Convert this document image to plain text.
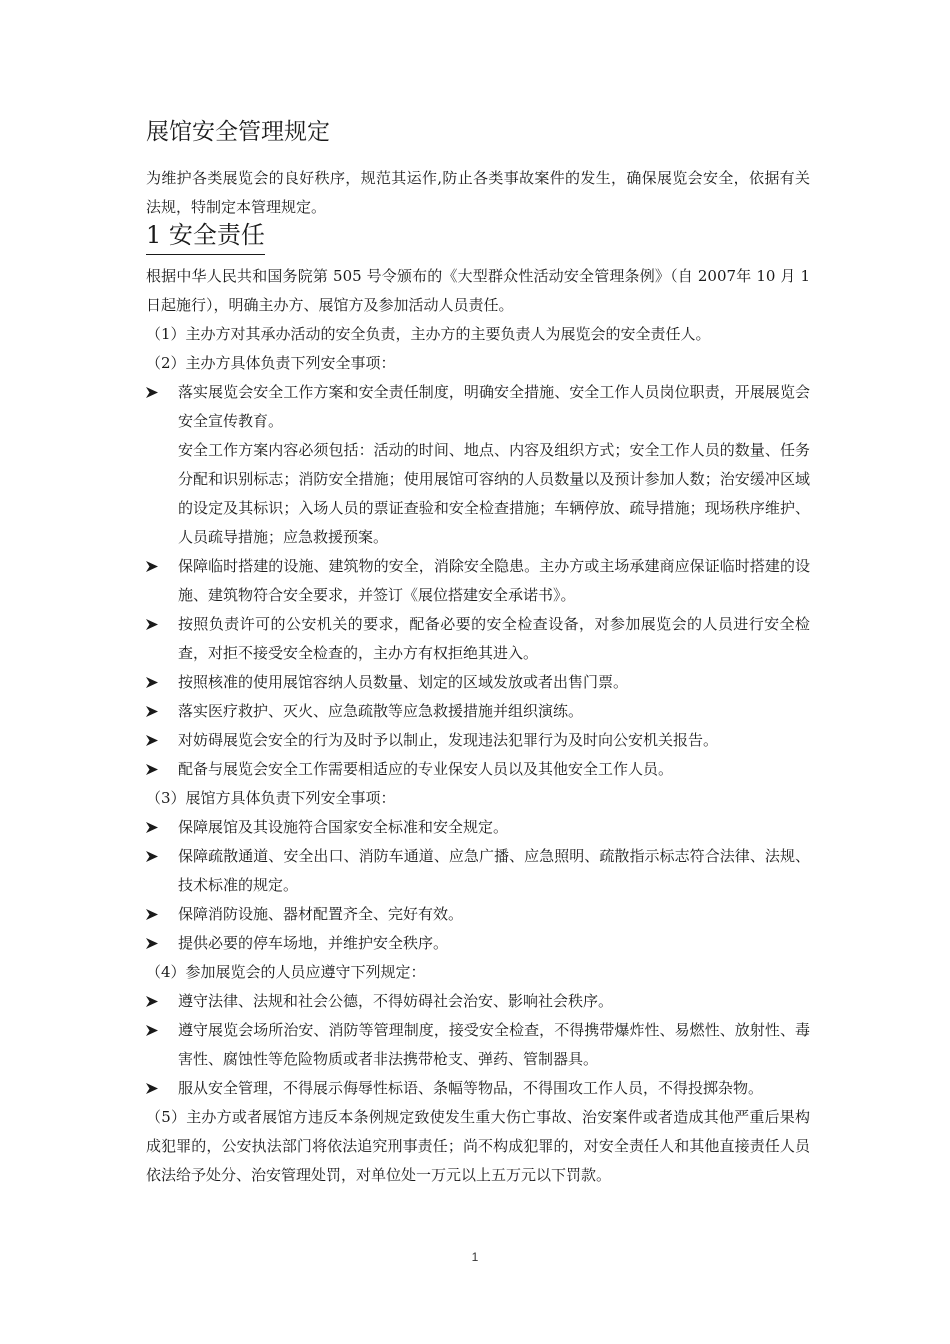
展馆安全管理规定

为维护各类展览会的良好秩序，规范其运作,防止各类事故案件的发生，确保展览会安全，依据有关法规，特制定本管理规定。

1 安全责任

根据中华人民共和国务院第 505 号令颁布的《大型群众性活动安全管理条例》（自 2007年 10 月 1 日起施行），明确主办方、展馆方及参加活动人员责任。

（1）主办方对其承办活动的安全负责，主办方的主要负责人为展览会的安全责任人。

（2）主办方具体负责下列安全事项：

落实展览会安全工作方案和安全责任制度，明确安全措施、安全工作人员岗位职责，开展展览会安全宣传教育。

安全工作方案内容必须包括：活动的时间、地点、内容及组织方式；安全工作人员的数量、任务分配和识别标志；消防安全措施；使用展馆可容纳的人员数量以及预计参加人数；治安缓冲区域的设定及其标识；入场人员的票证查验和安全检查措施；车辆停放、疏导措施；现场秩序维护、人员疏导措施；应急救援预案。

保障临时搭建的设施、建筑物的安全，消除安全隐患。主办方或主场承建商应保证临时搭建的设施、建筑物符合安全要求，并签订《展位搭建安全承诺书》。
按照负责许可的公安机关的要求，配备必要的安全检查设备，对参加展览会的人员进行安全检查，对拒不接受安全检查的，主办方有权拒绝其进入。
按照核准的使用展馆容纳人员数量、划定的区域发放或者出售门票。
落实医疗救护、灭火、应急疏散等应急救援措施并组织演练。
对妨碍展览会安全的行为及时予以制止，发现违法犯罪行为及时向公安机关报告。
配备与展览会安全工作需要相适应的专业保安人员以及其他安全工作人员。

（3）展馆方具体负责下列安全事项：

保障展馆及其设施符合国家安全标准和安全规定。
保障疏散通道、安全出口、消防车通道、应急广播、应急照明、疏散指示标志符合法律、法规、技术标准的规定。
保障消防设施、器材配置齐全、完好有效。
提供必要的停车场地，并维护安全秩序。

（4）参加展览会的人员应遵守下列规定：

遵守法律、法规和社会公德，不得妨碍社会治安、影响社会秩序。
遵守展览会场所治安、消防等管理制度，接受安全检查，不得携带爆炸性、易燃性、放射性、毒害性、腐蚀性等危险物质或者非法携带枪支、弹药、管制器具。
服从安全管理，不得展示侮辱性标语、条幅等物品，不得围攻工作人员，不得投掷杂物。

（5）主办方或者展馆方违反本条例规定致使发生重大伤亡事故、治安案件或者造成其他严重后果构成犯罪的，公安执法部门将依法追究刑事责任；尚不构成犯罪的，对安全责任人和其他直接责任人员依法给予处分、治安管理处罚，对单位处一万元以上五万元以下罚款。

1
